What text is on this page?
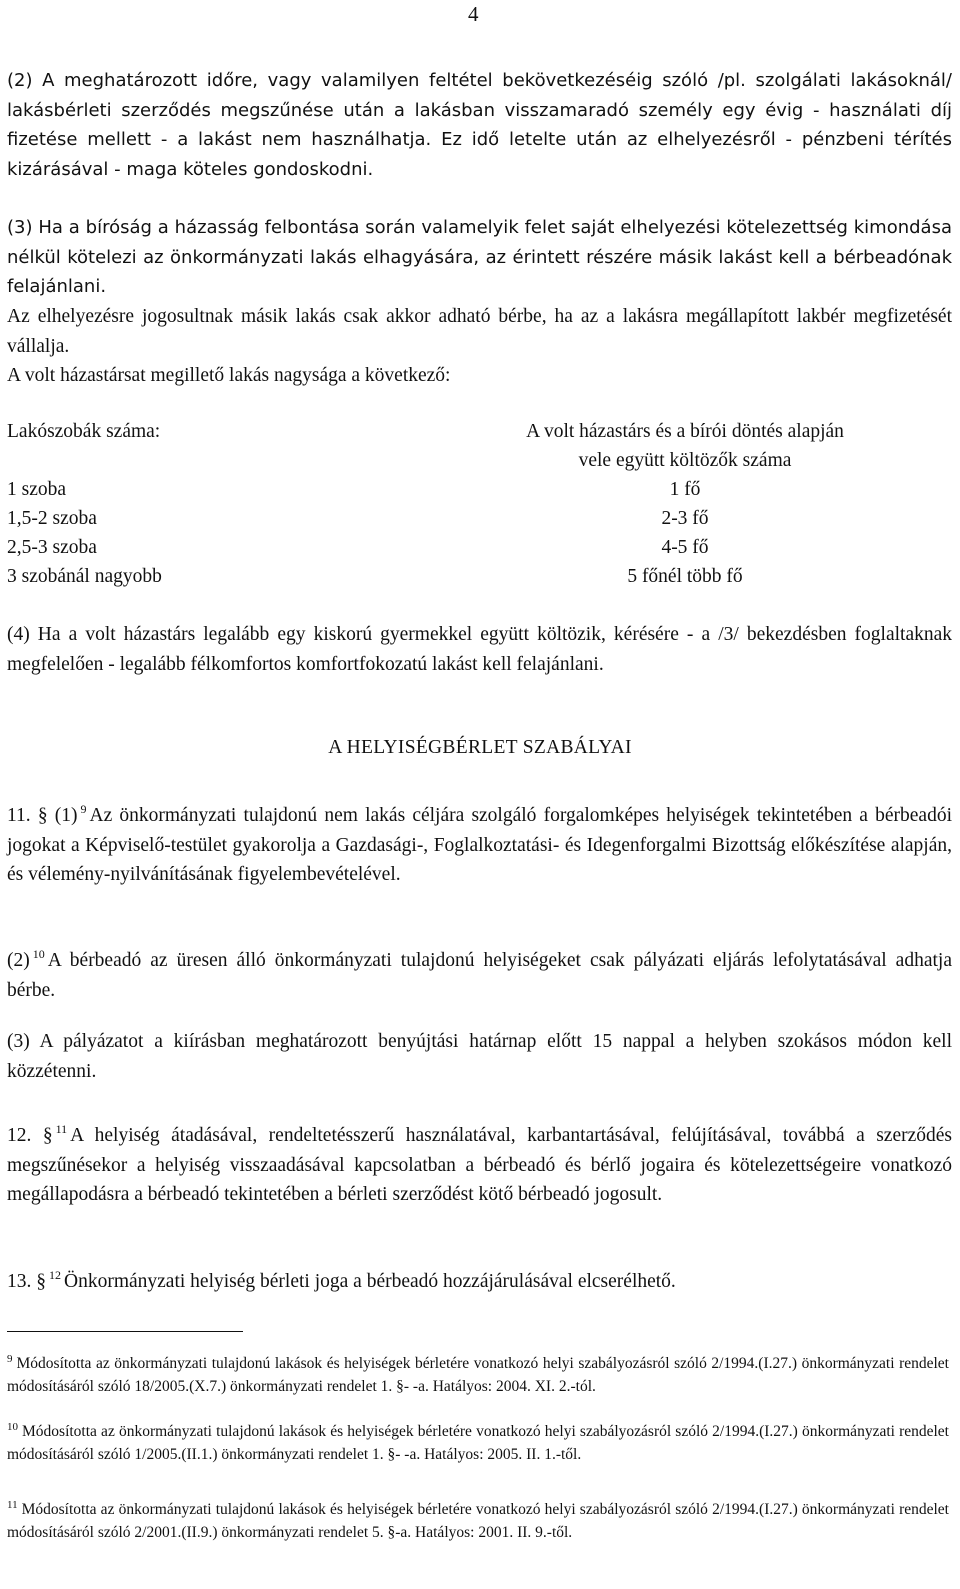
4
(2) A meghatározott időre, vagy valamilyen feltétel bekövetkezéséig szóló /pl. szolgálati lakásoknál/ lakásbérleti szerződés megszűnése után a lakásban visszamaradó személy egy évig - használati díj fizetése mellett - a lakást nem használhatja. Ez idő letelte után az elhelyezésről - pénzbeni térítés kizárásával - maga köteles gondoskodni.
(3) Ha a bíróság a házasság felbontása során valamelyik felet saját elhelyezési kötelezettség kimondása nélkül kötelezi az önkormányzati lakás elhagyására, az érintett részére másik lakást kell a bérbeadónak felajánlani.
Az elhelyezésre jogosultnak másik lakás csak akkor adható bérbe, ha az a lakásra megállapított lakbér megfizetését vállalja.
A volt házastársat megillető lakás nagysága a következő:
Lakószobák száma:	A volt házastárs és a bírói döntés alapján
vele együtt költözők száma
1 szoba	1 fő
1,5-2 szoba	2-3 fő
2,5-3 szoba	4-5 fő
3 szobánál nagyobb	5 főnél több fő
(4) Ha a volt házastárs legalább egy kiskorú gyermekkel együtt költözik, kérésére - a /3/ bekezdésben foglaltaknak megfelelően - legalább félkomfortos komfortfokozatú lakást kell felajánlani.
A HELYISÉGBÉRLET SZABÁLYAI
11. § (1) $^9$ Az önkormányzati tulajdonú nem lakás céljára szolgáló forgalomképes helyiségek tekintetében a bérbeadói jogokat a Képviselő-testület gyakorolja a Gazdasági-, Foglalkoztatási- és Idegenforgalmi Bizottság előkészítése alapján, és vélemény-nyilvánításának figyelembevételével.
(2) $^{10}$ A bérbeadó az üresen álló önkormányzati tulajdonú helyiségeket csak pályázati eljárás lefolytatásával adhatja bérbe.
(3) A pályázatot a kiírásban meghatározott benyújtási határnap előtt 15 nappal a helyben szokásos módon kell közzétenni.
12. § $^{11}$ A helyiség átadásával, rendeltetésszerű használatával, karbantartásával, felújításával, továbbá a szerződés megszűnésekor a helyiség visszaadásával kapcsolatban a bérbeadó és bérlő jogaira és kötelezettségeire vonatkozó megállapodásra a bérbeadó tekintetében a bérleti szerződést kötő bérbeadó jogosult.
13. § $^{12}$ Önkormányzati helyiség bérleti joga a bérbeadó hozzájárulásával elcserélhető.
$^9$ Módosította az önkormányzati tulajdonú lakások és helyiségek bérletére vonatkozó helyi szabályozásról szóló 2/1994.(I.27.) önkormányzati rendelet módosításáról szóló 18/2005.(X.7.) önkormányzati rendelet 1. §- -a. Hatályos: 2004. XI. 2.-tól.
$^{10}$ Módosította az önkormányzati tulajdonú lakások és helyiségek bérletére vonatkozó helyi szabályozásról szóló 2/1994.(I.27.) önkormányzati rendelet módosításáról szóló 1/2005.(II.1.) önkormányzati rendelet 1. §- -a. Hatályos: 2005. II. 1.-től.
$^{11}$ Módosította az önkormányzati tulajdonú lakások és helyiségek bérletére vonatkozó helyi szabályozásról szóló 2/1994.(I.27.) önkormányzati rendelet módosításáról szóló 2/2001.(II.9.) önkormányzati rendelet 5. §-a. Hatályos: 2001. II. 9.-től.
